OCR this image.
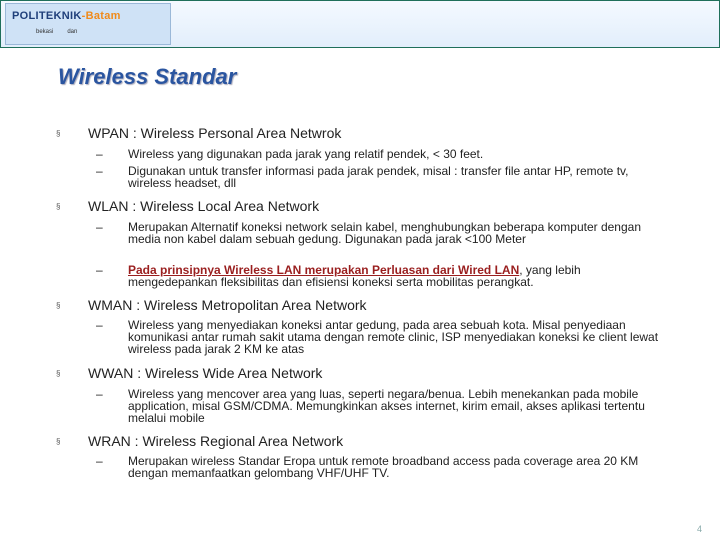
POLITEKNIK-Batam
bekasi dan
Wireless Standar
§ WPAN : Wireless Personal Area Netwrok
– Wireless yang digunakan pada jarak yang relatif pendek, < 30 feet.
– Digunakan untuk transfer informasi pada jarak pendek, misal : transfer file antar HP, remote tv, wireless headset, dll
§ WLAN : Wireless Local Area Network
– Merupakan Alternatif koneksi network selain kabel, menghubungkan beberapa komputer dengan media non kabel dalam sebuah gedung. Digunakan pada jarak <100 Meter
– Pada prinsipnya Wireless LAN merupakan Perluasan dari Wired LAN, yang lebih mengedepankan fleksibilitas dan efisiensi koneksi serta mobilitas perangkat.
§ WMAN : Wireless Metropolitan Area Network
– Wireless yang menyediakan koneksi antar gedung, pada area sebuah kota. Misal penyediaan komunikasi antar rumah sakit utama dengan remote clinic, ISP menyediakan koneksi ke client lewat wireless pada jarak 2 KM ke atas
§ WWAN : Wireless Wide Area Network
– Wireless yang mencover area yang luas, seperti negara/benua. Lebih menekankan pada mobile application, misal GSM/CDMA. Memungkinkan akses internet, kirim email, akses aplikasi tertentu melalui mobile
§ WRAN : Wireless Regional Area Network
– Merupakan wireless Standar Eropa untuk remote broadband access pada coverage area 20 KM dengan memanfaatkan gelombang VHF/UHF TV.
4
